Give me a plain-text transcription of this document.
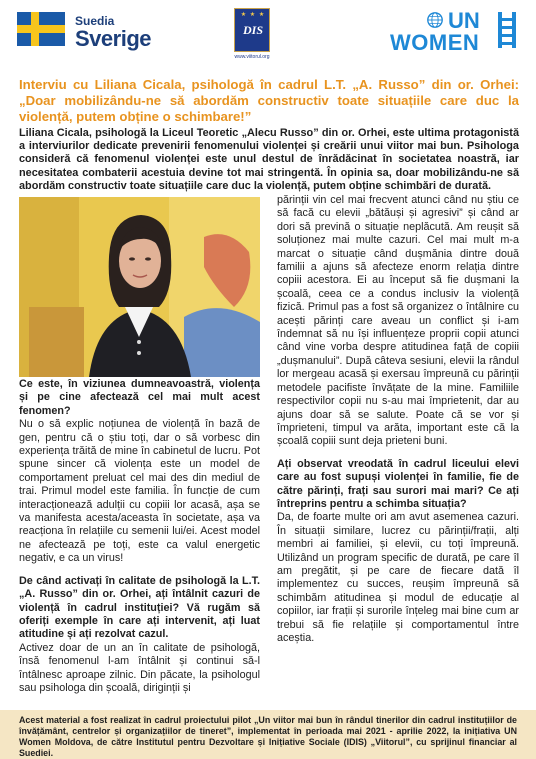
Suedia
Sverige
★ ★ ★
DIS
www.viitorul.org
UN
WOMEN
Interviu cu Liliana Cicala, psihologă în cadrul L.T. „A. Russo” din or. Orhei: „Doar mobilizându-ne să abordăm constructiv toate situațiile care duc la violență, putem obține o schimbare!”

Liliana Cicala, psihologă la Liceul Teoretic „Alecu Russo” din or. Orhei, este ultima protagonistă a interviurilor dedicate prevenirii fenomenului violenței și creării unui viitor mai bun. Psihologa consideră că fenomenul violenței este unul destul de înrădăcinat în societatea noastră, iar necesitatea combaterii acestuia devine tot mai stringentă. În opinia sa, doar mobilizându-ne să abordăm constructiv toate situațiile care duc la violență, putem obține schimbări de durată.

Ce este, în viziunea dumneavoastră, violența și pe cine afectează cel mai mult acest fenomen?

Nu o să explic noțiunea de violență în bază de gen, pentru că o știu toți, dar o să vorbesc din experiența trăită de mine în cabinetul de lucru. Pot spune sincer că violența este un model de comportament preluat cel mai des din mediul de trai. Primul model este familia. În funcție de cum interacționează adulții cu copiii lor acasă, așa se va manifesta acesta/aceasta în societate, așa va reacționa în relațiile cu semenii lui/ei. Acest model ne afectează pe toți, este ca valul energetic negativ, e ca un virus!

De când activați în calitate de psihologă la L.T. „A. Russo” din or. Orhei, ați întâlnit cazuri de violență în cadrul instituției? Vă rugăm să oferiți exemple în care ați intervenit, ați luat atitudine și ați rezolvat cazul.

Activez doar de un an în calitate de psihologă, însă fenomenul l-am întâlnit și continui să-l întâlnesc aproape zilnic. Din păcate, la psihologul sau psihologa din școală, diriginții și

părinții vin cel mai frecvent atunci când nu știu ce să facă cu elevii „bătăuși și agresivi” și când ar dori să prevină o situație neplăcută. Am reușit să soluționez mai multe cazuri. Cel mai mult m-a marcat o situație când dușmănia dintre două familii a ajuns să afecteze enorm relația dintre copiii acestora. Ei au început să fie dușmani la școală, ceea ce a condus inclusiv la violență fizică. Primul pas a fost să organizez o întâlnire cu acești părinți care aveau un conflict și i-am îndemnat să nu își influențeze proprii copii atunci când vine vorba despre atitudinea față de copiii „dușmanului”. După câteva sesiuni, elevii la rândul lor mergeau acasă și exersau împreună cu părinții metodele pacifiste învățate de la mine. Familiile respectivilor copii nu s-au mai împrietenit, dar au ajuns doar să se salute. Poate că se vor și împrieteni, timpul va arăta, important este că la școală copiii sunt deja prieteni buni.

Ați observat vreodată în cadrul liceului elevi care au fost supuși violenței în familie, fie de către părinți, frați sau surori mai mari? Ce ați întreprins pentru a schimba situația?

Da, de foarte multe ori am avut asemenea cazuri. În situații similare, lucrez cu părinții/frații, alți membri ai familiei, și elevii, cu toți împreună. Utilizând un program specific de durată, pe care îl am pregătit, și pe care de fiecare dată îl implementez cu succes, reușim împreună să schimbăm atitudinea și modul de educație al copiilor, iar frații și surorile înțeleg mai bine cum ar trebui să fie relațiile și comportamentul între aceștia.

Acest material a fost realizat în cadrul proiectului pilot „Un viitor mai bun în rândul tinerilor din cadrul instituțiilor de învățământ, centrelor și organizațiilor de tineret”, implementat în perioada mai 2021 - aprilie 2022, la inițiativa UN Women Moldova, de către Institutul pentru Dezvoltare și Inițiative Sociale (IDIS) „Viitorul”, cu sprijinul financiar al Suediei.
